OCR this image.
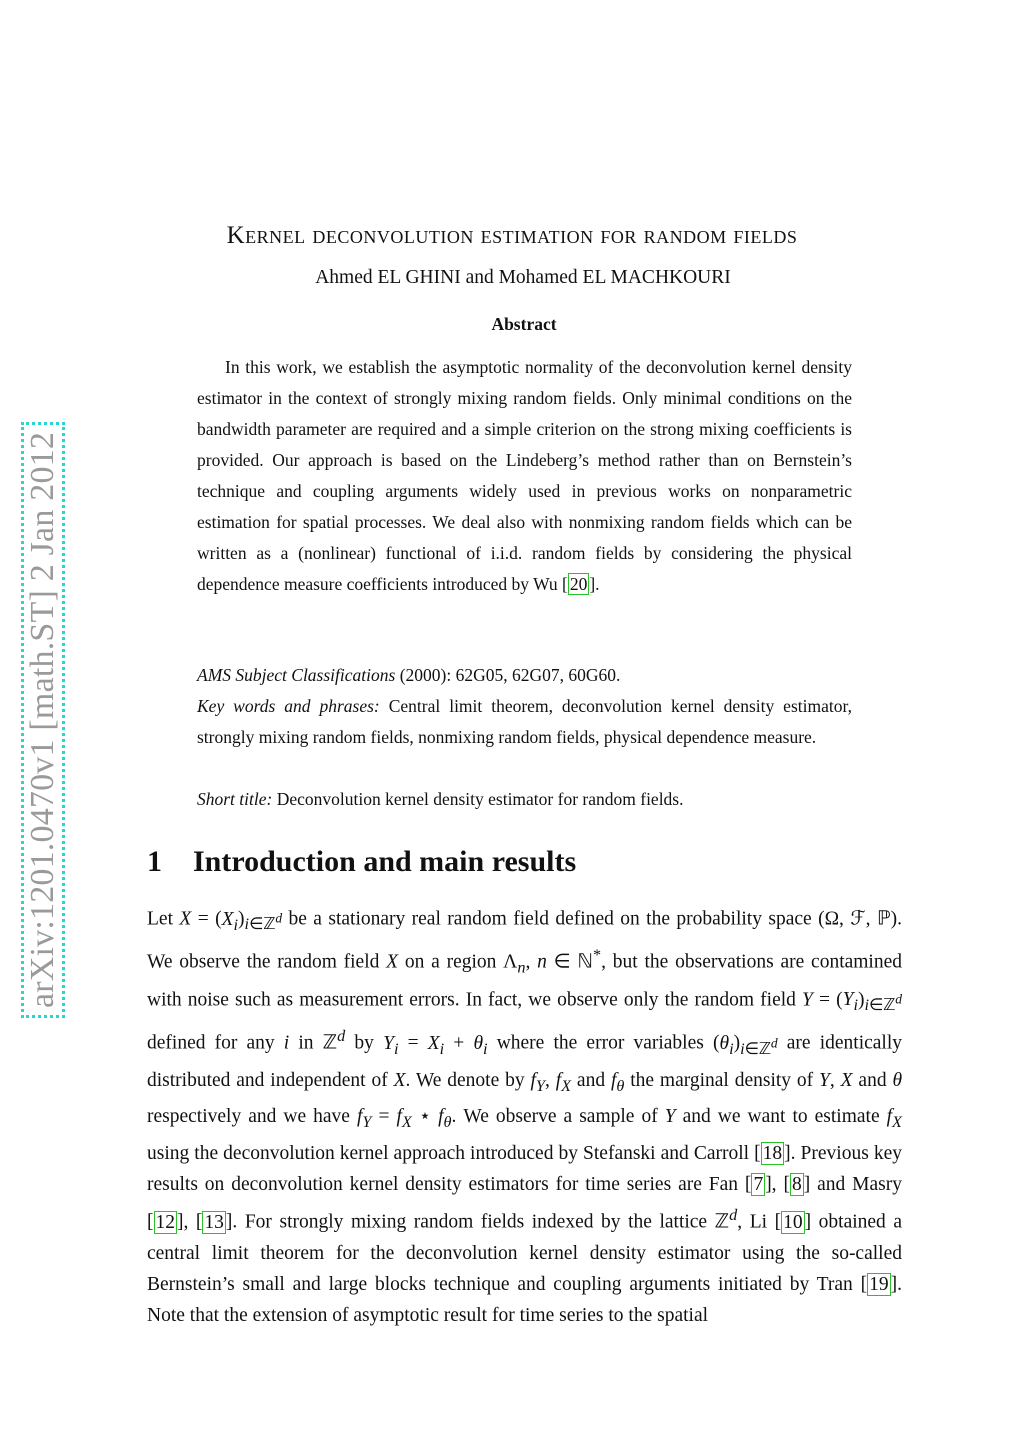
arXiv:1201.0470v1 [math.ST] 2 Jan 2012
Kernel deconvolution estimation for random fields
Ahmed EL GHINI and Mohamed EL MACHKOURI
Abstract
In this work, we establish the asymptotic normality of the deconvolution kernel density estimator in the context of strongly mixing random fields. Only minimal conditions on the bandwidth parameter are required and a simple criterion on the strong mixing coefficients is provided. Our approach is based on the Lindeberg’s method rather than on Bernstein’s technique and coupling arguments widely used in previous works on nonparametric estimation for spatial processes. We deal also with nonmixing random fields which can be written as a (nonlinear) functional of i.i.d. random fields by considering the physical dependence measure coefficients introduced by Wu [ 20 ].
AMS Subject Classifications (2000): 62G05, 62G07, 60G60.
Key words and phrases: Central limit theorem, deconvolution kernel density estimator, strongly mixing random fields, nonmixing random fields, physical dependence measure.
Short title: Deconvolution kernel density estimator for random fields.
1 Introduction and main results
Let $X = (X_i)_{i\in ℤ^d}$ be a stationary real random field defined on the probability space (Ω, ℱ, ℙ). We observe the random field X on a region $\Lambda_n$, n ∈ ℕ*, but the observations are contamined with noise such as measurement errors. In fact, we observe only the random field $Y = (Y_i)_{i\in ℤ^d}$ defined for any i in ℤ$^d$ by $Y_i = X_i + \theta_i$ where the error variables $(\theta_i)_{i\in ℤ^d}$ are identically distributed and independent of X. We denote by $f_Y$, $f_X$ and $f_\theta$ the marginal density of Y, X and θ respectively and we have $f_Y = f_X$ ⋆ $f_\theta$. We observe a sample of Y and we want to estimate $f_X$ using the deconvolution kernel approach introduced by Stefanski and Carroll [ 18 ]. Previous key results on deconvolution kernel density estimators for time series are Fan [ 7 ], [ 8 ] and Masry [ 12 ], [ 13 ]. For strongly mixing random fields indexed by the lattice ℤ$^d$, Li [ 10 ] obtained a central limit theorem for the deconvolution kernel density estimator using the so-called Bernstein’s small and large blocks technique and coupling arguments initiated by Tran [ 19 ]. Note that the extension of asymptotic result for time series to the spatial
